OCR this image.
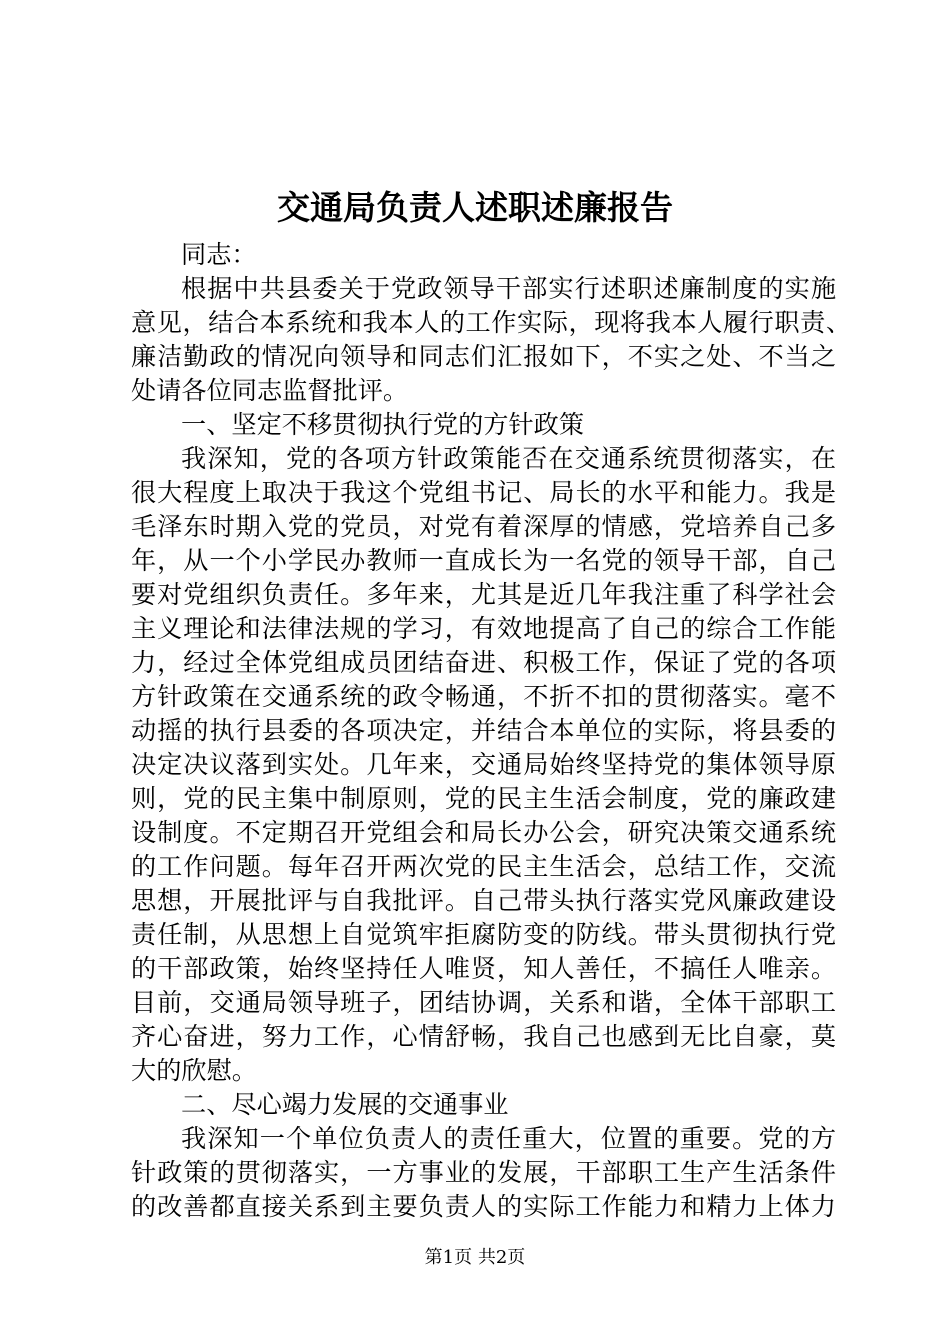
交通局负责人述职述廉报告

同志：

根据中共县委关于党政领导干部实行述职述廉制度的实施

意见，结合本系统和我本人的工作实际，现将我本人履行职责、

廉洁勤政的情况向领导和同志们汇报如下，不实之处、不当之

处请各位同志监督批评。

一、坚定不移贯彻执行党的方针政策

我深知，党的各项方针政策能否在交通系统贯彻落实，在

很大程度上取决于我这个党组书记、局长的水平和能力。我是

毛泽东时期入党的党员，对党有着深厚的情感，党培养自己多

年，从一个小学民办教师一直成长为一名党的领导干部，自己

要对党组织负责任。多年来，尤其是近几年我注重了科学社会

主义理论和法律法规的学习，有效地提高了自己的综合工作能

力，经过全体党组成员团结奋进、积极工作，保证了党的各项

方针政策在交通系统的政令畅通，不折不扣的贯彻落实。毫不

动摇的执行县委的各项决定，并结合本单位的实际，将县委的

决定决议落到实处。几年来，交通局始终坚持党的集体领导原

则，党的民主集中制原则，党的民主生活会制度，党的廉政建

设制度。不定期召开党组会和局长办公会，研究决策交通系统

的工作问题。每年召开两次党的民主生活会，总结工作，交流

思想，开展批评与自我批评。自己带头执行落实党风廉政建设

责任制，从思想上自觉筑牢拒腐防变的防线。带头贯彻执行党

的干部政策，始终坚持任人唯贤，知人善任，不搞任人唯亲。

目前，交通局领导班子，团结协调，关系和谐，全体干部职工

齐心奋进，努力工作，心情舒畅，我自己也感到无比自豪，莫

大的欣慰。

二、尽心竭力发展的交通事业

我深知一个单位负责人的责任重大，位置的重要。党的方

针政策的贯彻落实，一方事业的发展，干部职工生产生活条件

的改善都直接关系到主要负责人的实际工作能力和精力上体力

第1页 共2页
